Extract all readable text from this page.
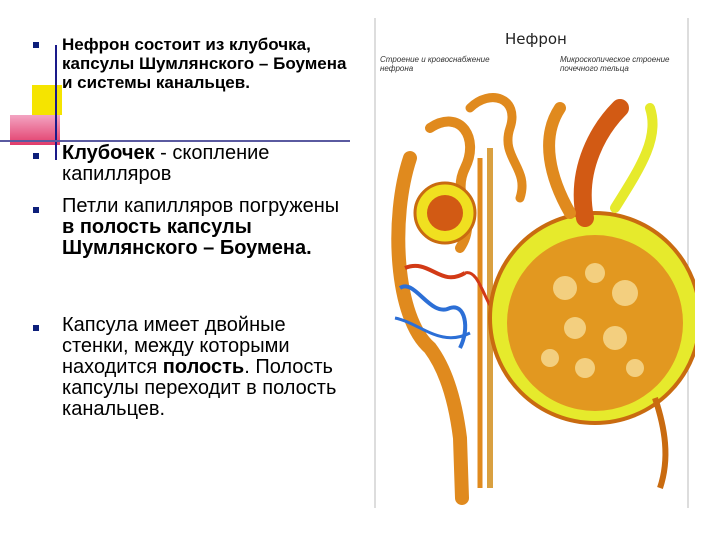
Нефрон состоит из клубочка, капсулы Шумлянского – Боумена и системы канальцев.
Клубочек - скопление капилляров
Петли капилляров погружены в полость капсулы Шумлянского – Боумена.
Капсула имеет двойные стенки, между которыми находится полость. Полость капсулы переходит в полость канальцев.
Нефрон
Строение и кровоснабжение нефрона
Микроскопическое строение почечного тельца
